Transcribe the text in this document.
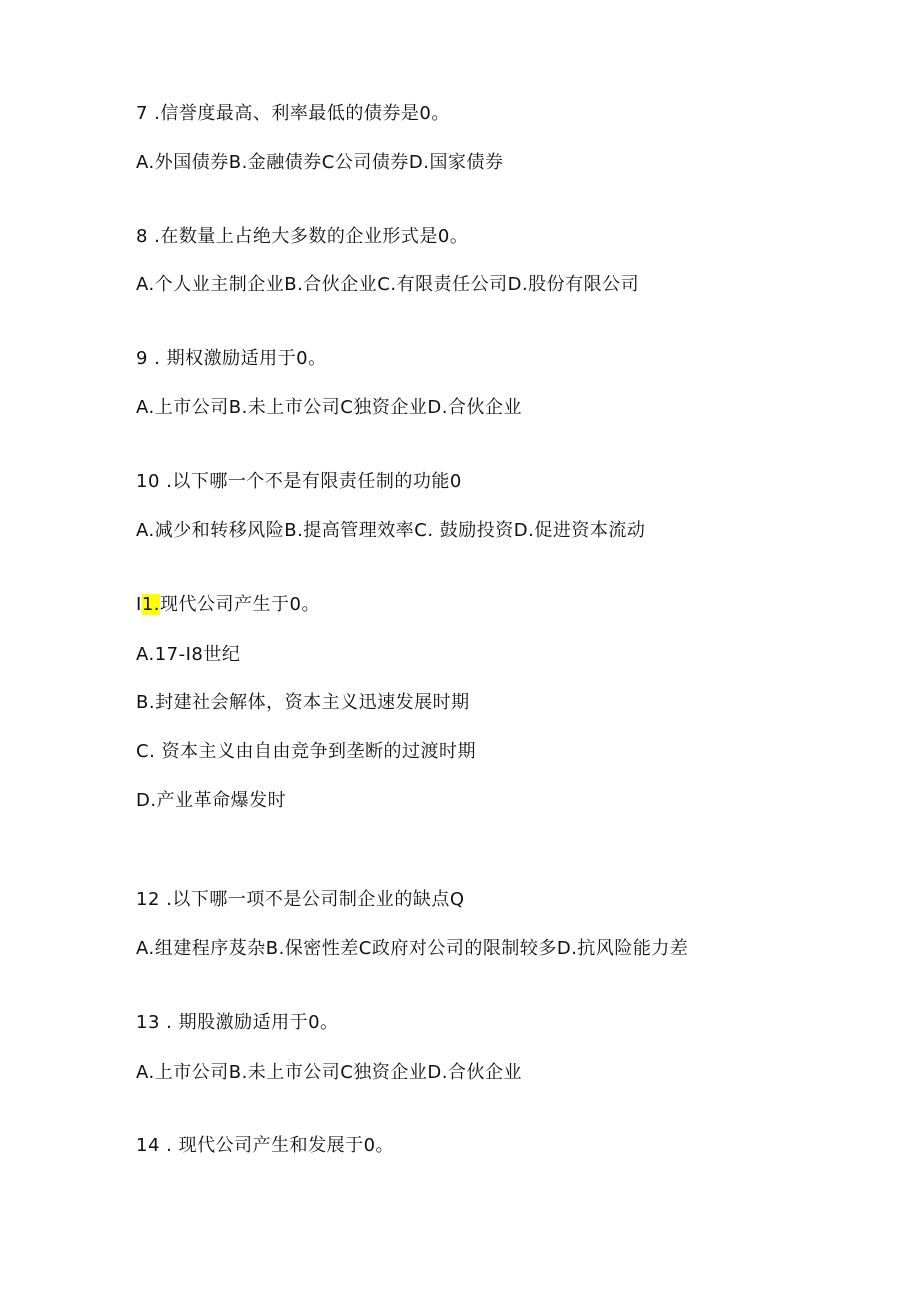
7 .信誉度最高、利率最低的债券是0。
A.外国债券B.金融债券C公司债券D.国家债券
8 .在数量上占绝大多数的企业形式是0。
A.个人业主制企业B.合伙企业C.有限责任公司D.股份有限公司
9 . 期权激励适用于0。
A.上市公司B.未上市公司C独资企业D.合伙企业
10 .以下哪一个不是有限责任制的功能0
A.减少和转移风险B.提高管理效率C. 鼓励投资D.促进资本流动
I1.现代公司产生于0。
A.17-I8世纪
B.封建社会解体，资本主义迅速发展时期
C. 资本主义由自由竞争到垄断的过渡时期
D.产业革命爆发时
12 .以下哪一项不是公司制企业的缺点Q
A.组建程序芨杂B.保密性差C政府对公司的限制较多D.抗风险能力差
13 . 期股激励适用于0。
A.上市公司B.未上市公司C独资企业D.合伙企业
14 . 现代公司产生和发展于0。
